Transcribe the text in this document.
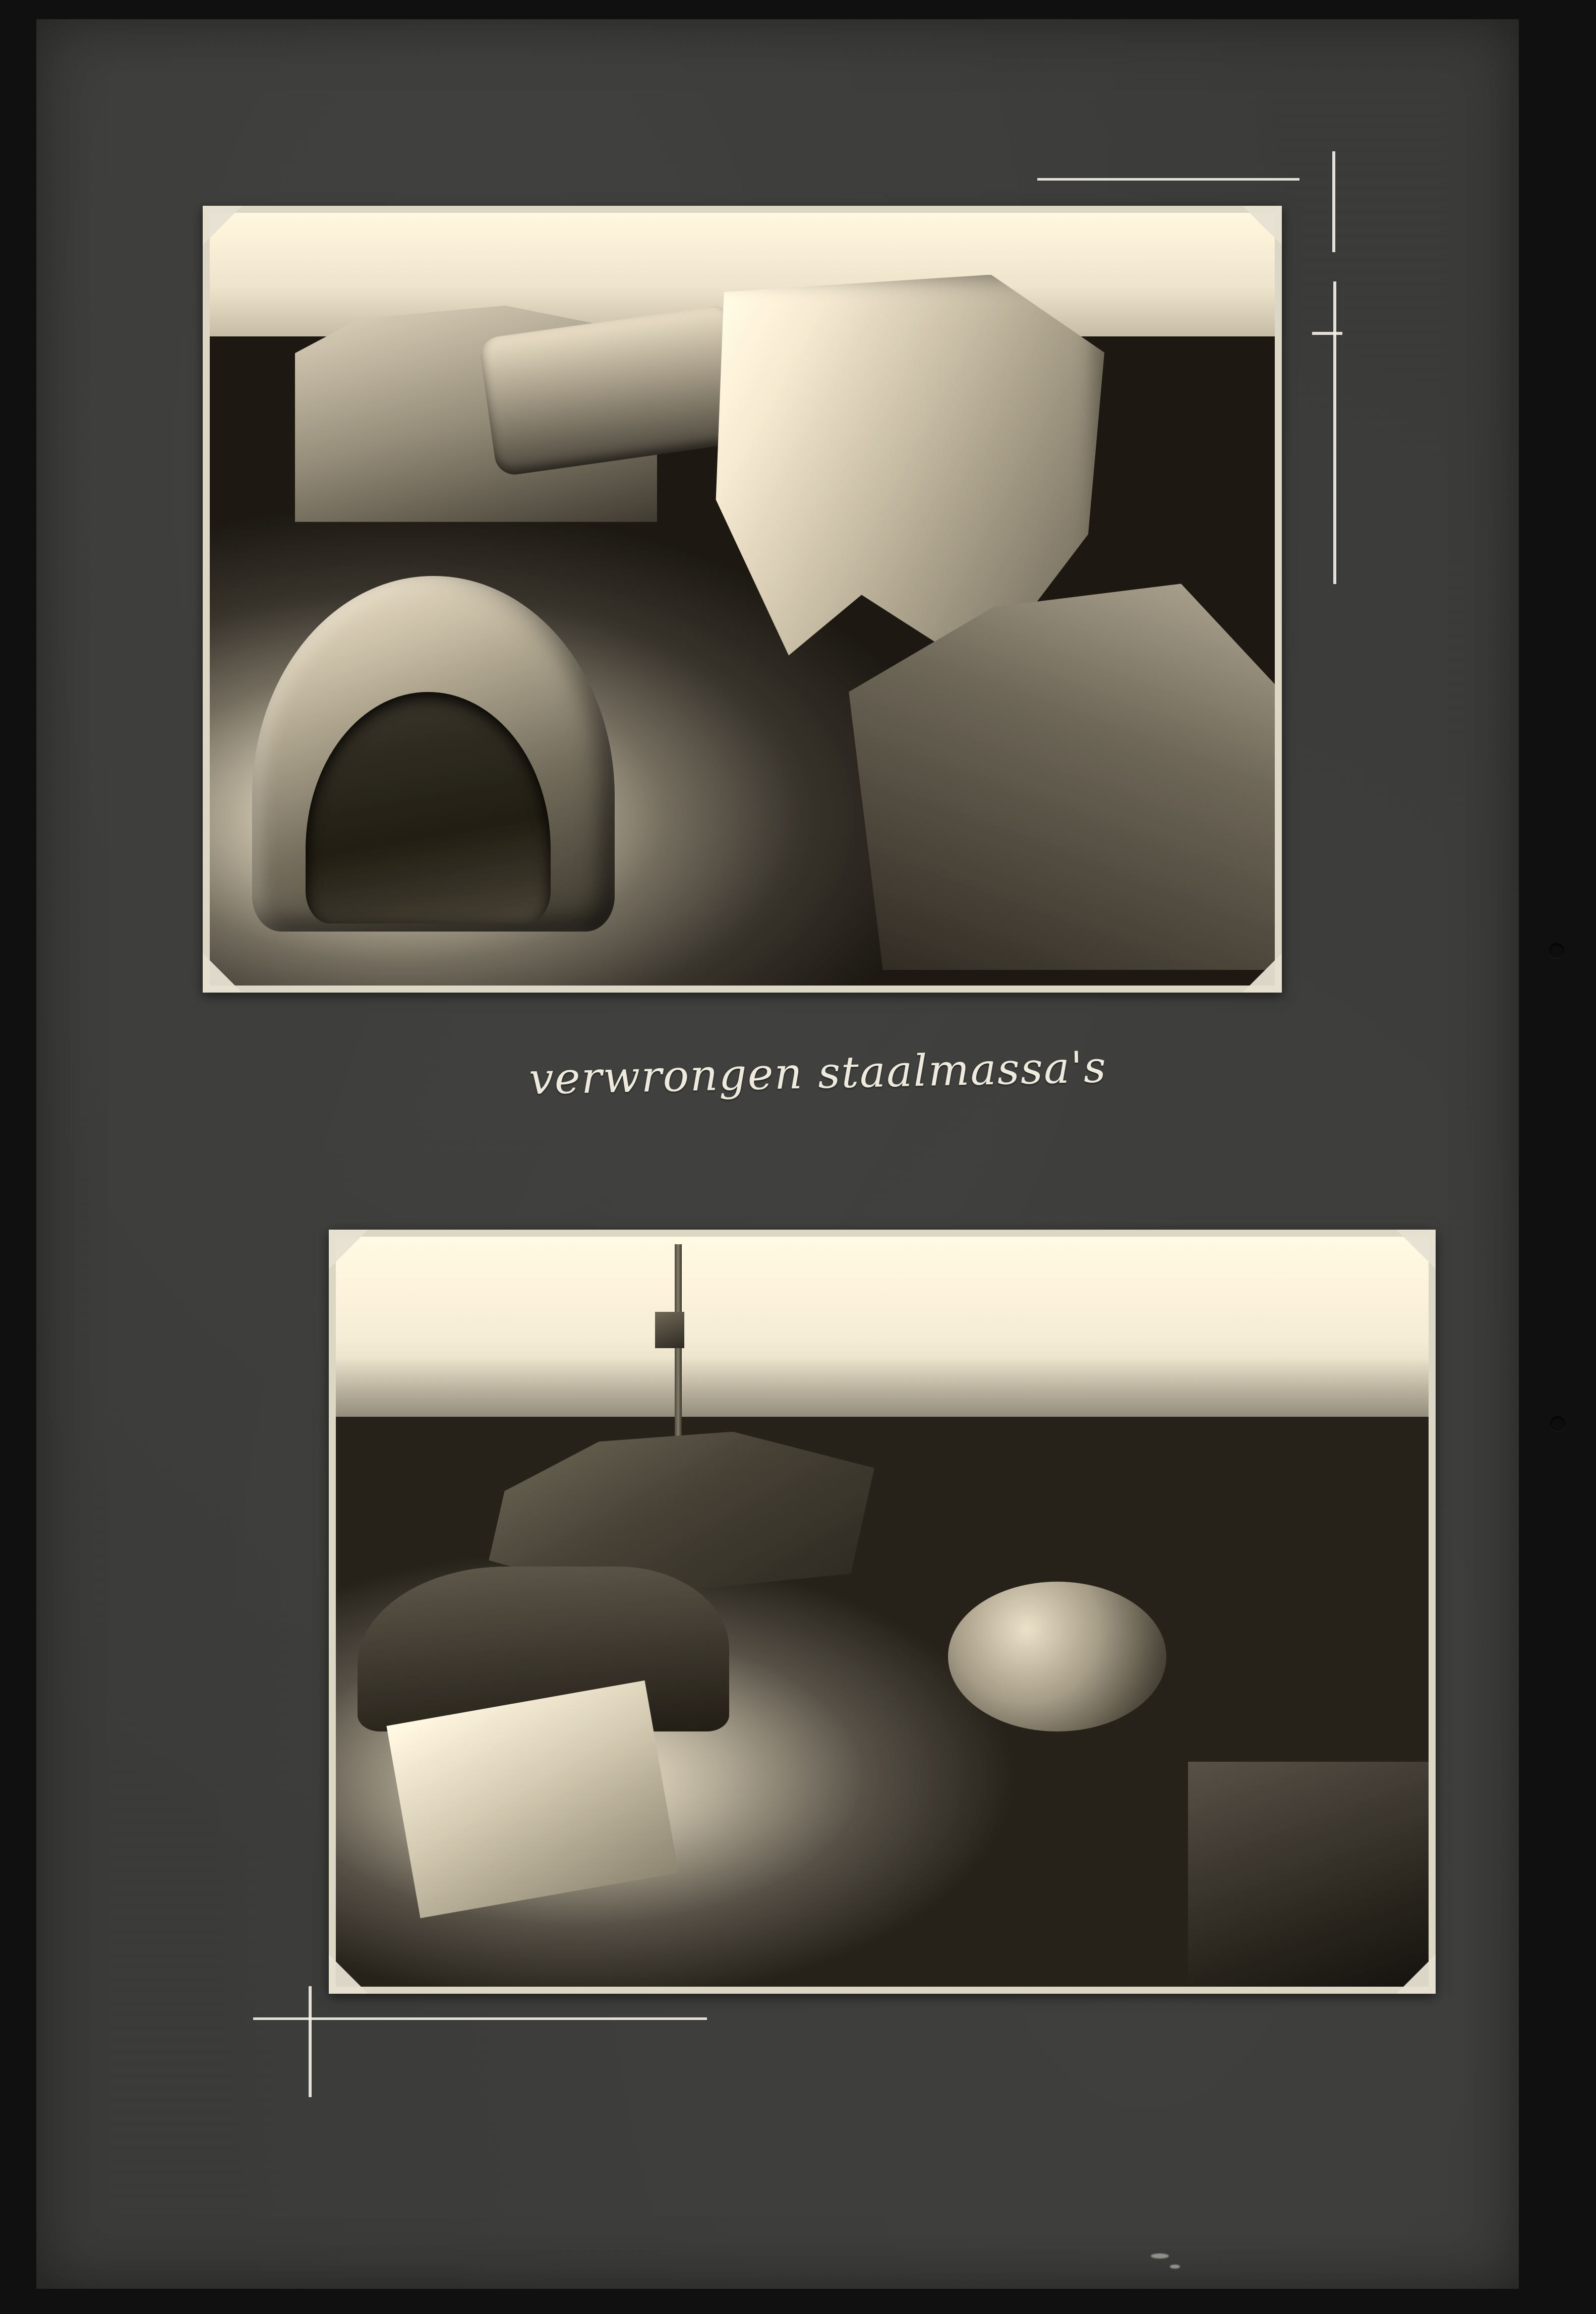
verwrongen staalmassa's
